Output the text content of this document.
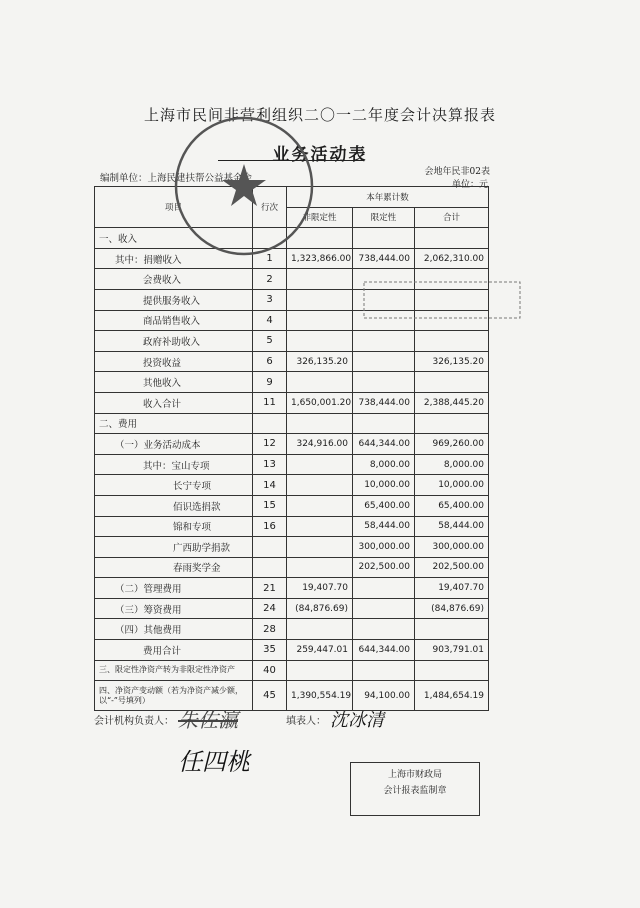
上海市民间非营利组织二〇一二年度会计决算报表
业务活动表
编制单位：上海民建扶帮公益基金会
会地年民非02表
单位：元
项目	行次	本年累计数		
		非限定性	限定性	合计
一、收入				
其中：捐赠收入	1	1,323,866.00	738,444.00	2,062,310.00
会费收入	2			
提供服务收入	3			
商品销售收入	4			
政府补助收入	5			
投资收益	6	326,135.20		326,135.20
其他收入	9			
收入合计	11	1,650,001.20	738,444.00	2,388,445.20
二、费用				
（一）业务活动成本	12	324,916.00	644,344.00	969,260.00
其中：宝山专项	13		8,000.00	8,000.00
长宁专项	14		10,000.00	10,000.00
佰识选捐款	15		65,400.00	65,400.00
锦和专项	16		58,444.00	58,444.00
广西助学捐款			300,000.00	300,000.00
春雨奖学金			202,500.00	202,500.00
（二）管理费用	21	19,407.70		19,407.70
（三）筹资费用	24	(84,876.69)		(84,876.69)
（四）其他费用	28			
费用合计	35	259,447.01	644,344.00	903,791.01
三、限定性净资产转为非限定性净资产	40			
四、净资产变动额（若为净资产减少额，以“-”号填列）	45	1,390,554.19	94,100.00	1,484,654.19
会计机构负责人： 朱佐瀛	填表人： 沈冰清
任四桃	上海市财政局
会计报表监制章
